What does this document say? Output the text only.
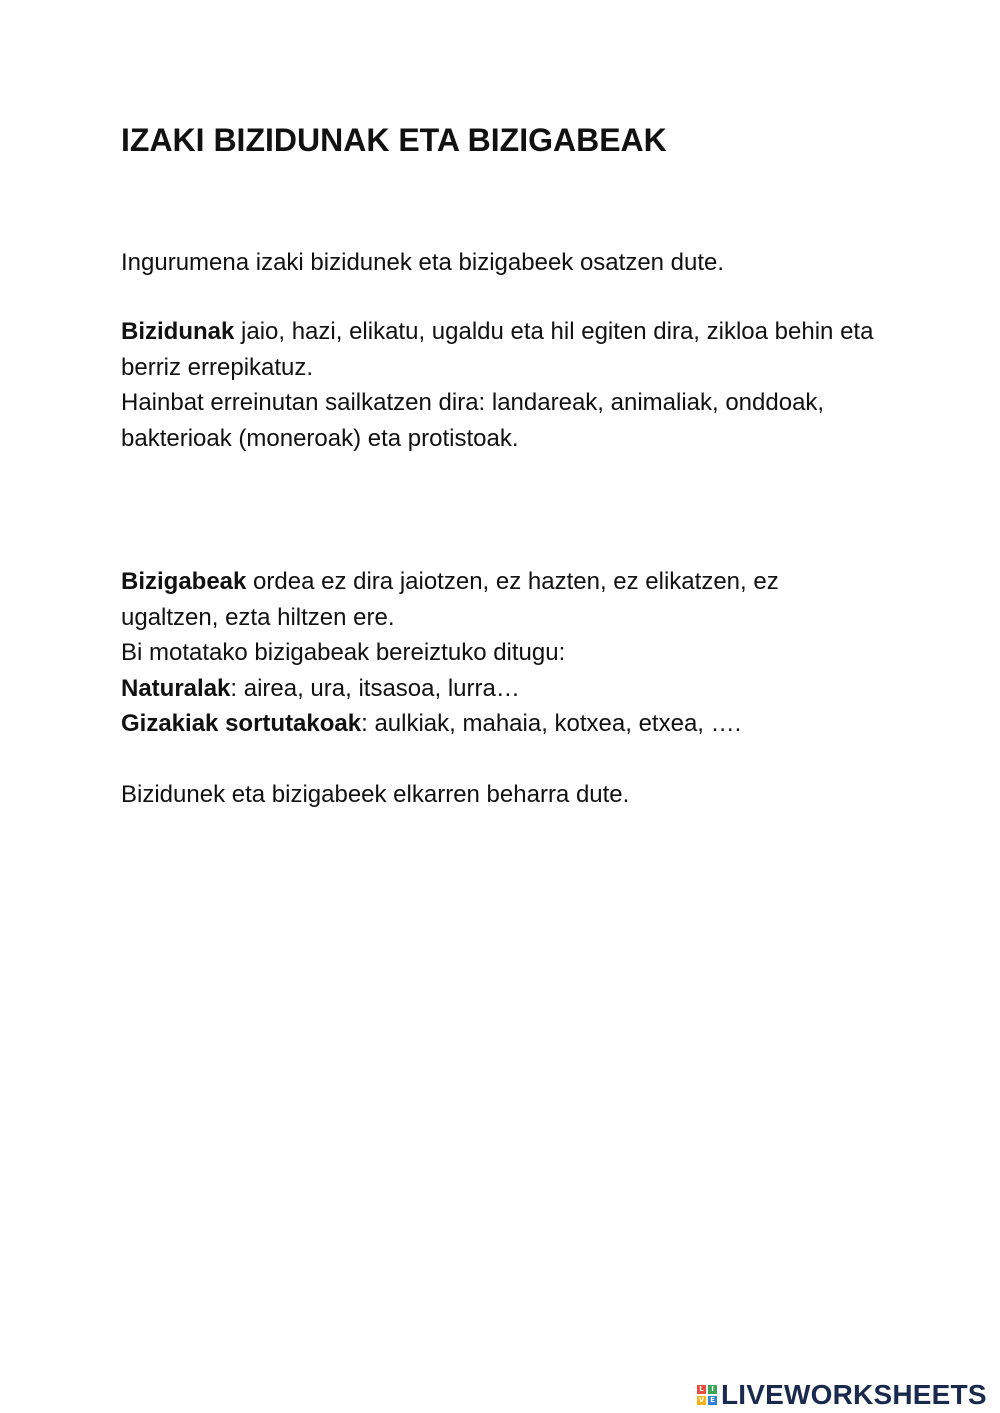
IZAKI BIZIDUNAK ETA BIZIGABEAK

Ingurumena izaki bizidunek eta bizigabeek osatzen dute.

Bizidunak jaio, hazi, elikatu, ugaldu eta hil egiten dira, zikloa behin eta berriz errepikatuz.

Hainbat erreinutan sailkatzen dira: landareak, animaliak, onddoak, bakterioak (moneroak) eta protistoak.

Bizigabeak ordea ez dira jaiotzen, ez hazten, ez elikatzen, ez ugaltzen, ezta hiltzen ere.

Bi motatako bizigabeak bereiztuko ditugu:

Naturalak: airea, ura, itsasoa, lurra…

Gizakiak sortutakoak: aulkiak, mahaia, kotxea, etxea, ….

Bizidunek eta bizigabeek elkarren beharra dute.

L	I
V E LIVEWORKSHEETS
